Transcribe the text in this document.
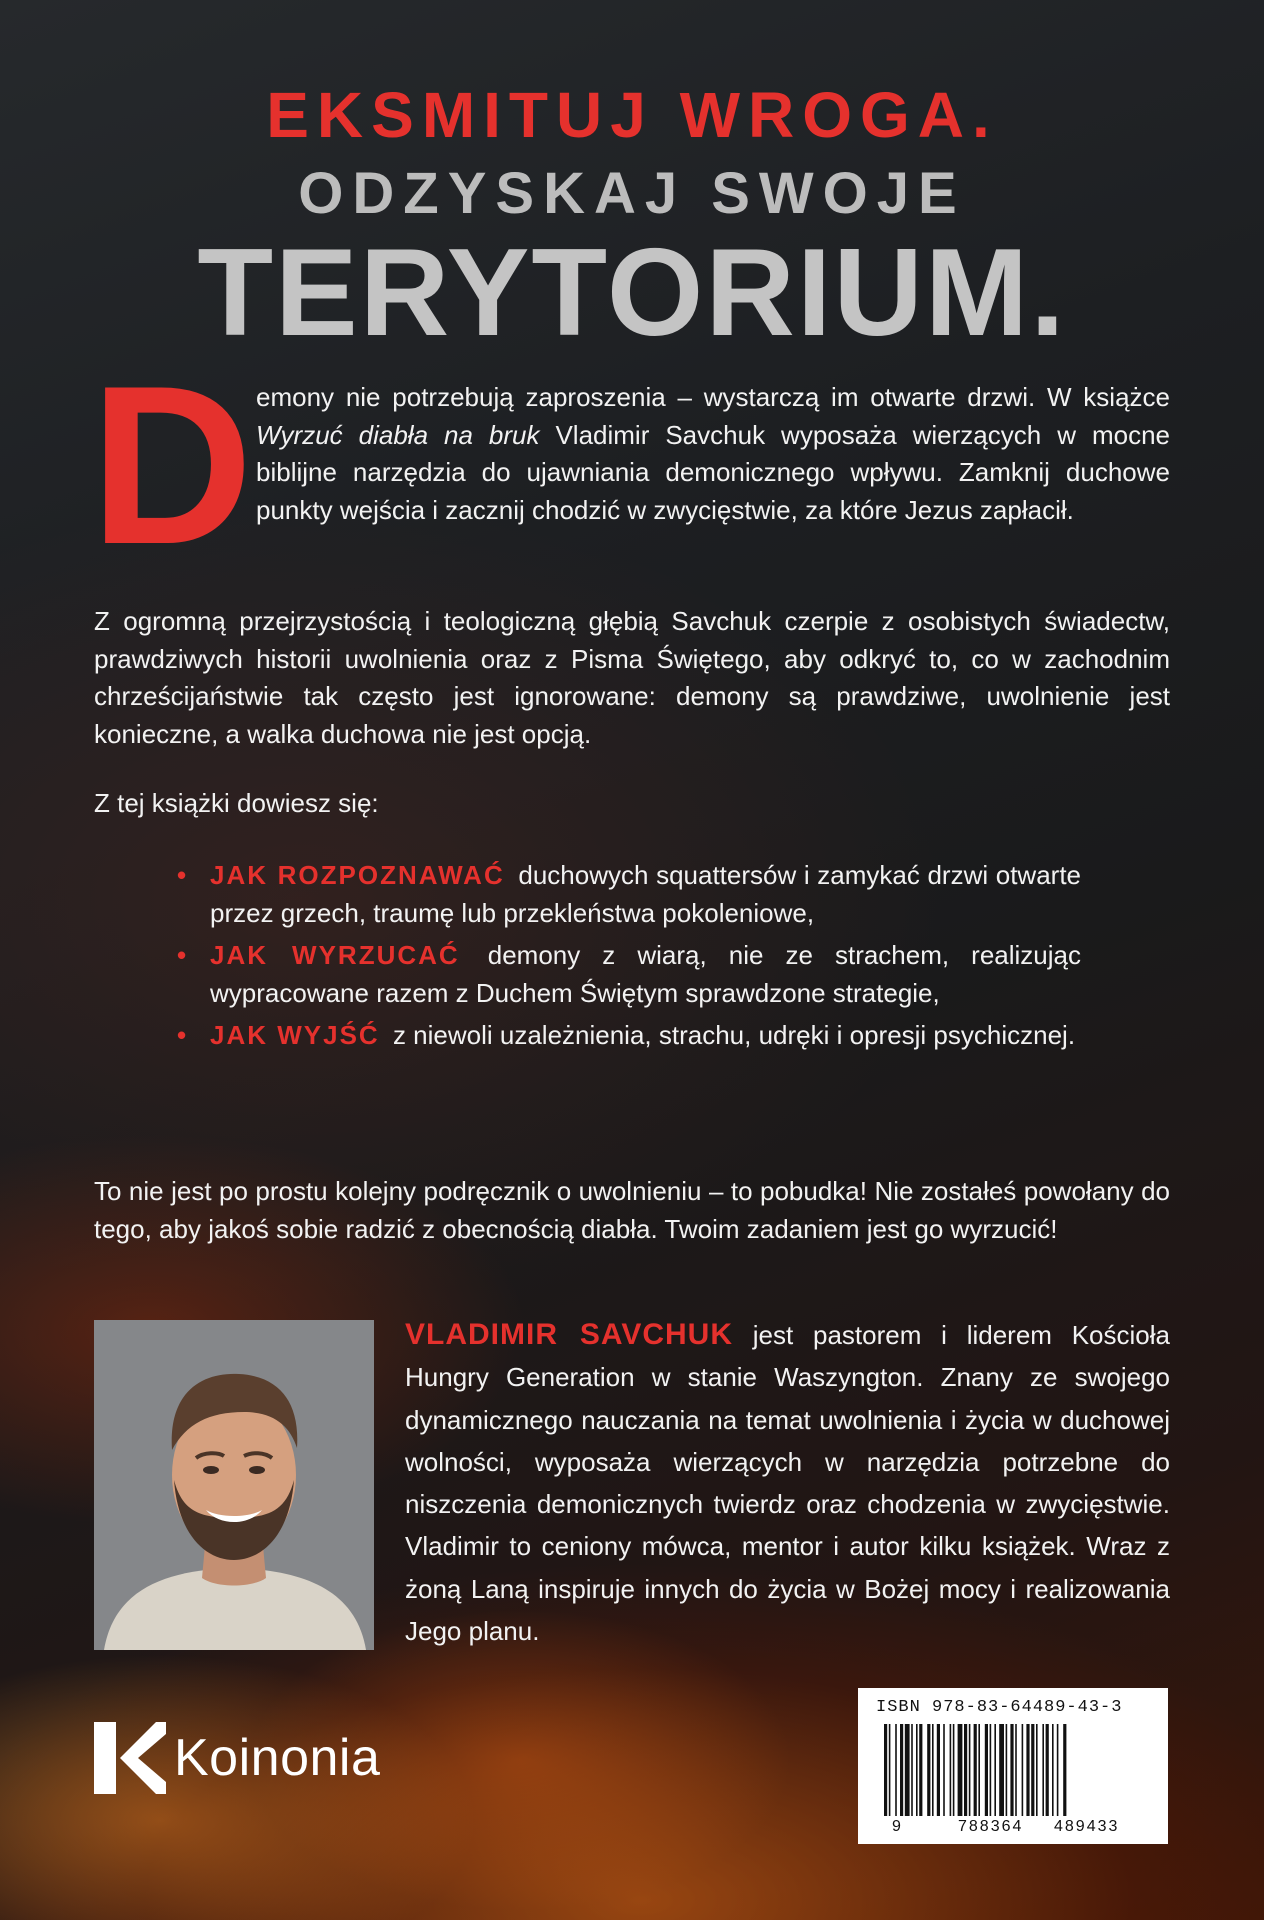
EKSMITUJ WROGA.
ODZYSKAJ SWOJE
TERYTORIUM.
D emony nie potrzebują zaproszenia – wystarczą im otwarte drzwi. W książce Wyrzuć diabła na bruk Vladimir Savchuk wyposaża wierzących w mocne biblijne narzędzia do ujawniania demonicznego wpływu. Zamknij duchowe punkty wejścia i zacznij chodzić w zwycięstwie, za które Jezus zapłacił.

Z ogromną przejrzystością i teologiczną głębią Savchuk czerpie z osobistych świadectw, prawdziwych historii uwolnienia oraz z Pisma Świętego, aby odkryć to, co w zachodnim chrześcijaństwie tak często jest ignorowane: demony są prawdziwe, uwolnienie jest konieczne, a walka duchowa nie jest opcją.

Z tej książki dowiesz się:

• JAK ROZPOZNAWAĆ duchowych squattersów i zamykać drzwi otwarte przez grzech, traumę lub przekleństwa pokoleniowe,
• JAK WYRZUCAĆ demony z wiarą, nie ze strachem, realizując wypracowane razem z Duchem Świętym sprawdzone strategie,
• JAK WYJŚĆ z niewoli uzależnienia, strachu, udręki i opresji psychicznej.

To nie jest po prostu kolejny podręcznik o uwolnieniu – to pobudka! Nie zostałeś powołany do tego, aby jakoś sobie radzić z obecnością diabła. Twoim zadaniem jest go wyrzucić!

VLADIMIR SAVCHUK jest pastorem i liderem Kościoła Hungry Generation w stanie Waszyngton. Znany ze swojego dynamicznego nauczania na temat uwolnienia i życia w duchowej wolności, wyposaża wierzących w narzędzia potrzebne do niszczenia demonicznych twierdz oraz chodzenia w zwycięstwie. Vladimir to ceniony mówca, mentor i autor kilku książek. Wraz z żoną Laną inspiruje innych do życia w Bożej mocy i realizowania Jego planu.

Koinonia
ISBN 978-83-64489-43-3
9	788364 489433
